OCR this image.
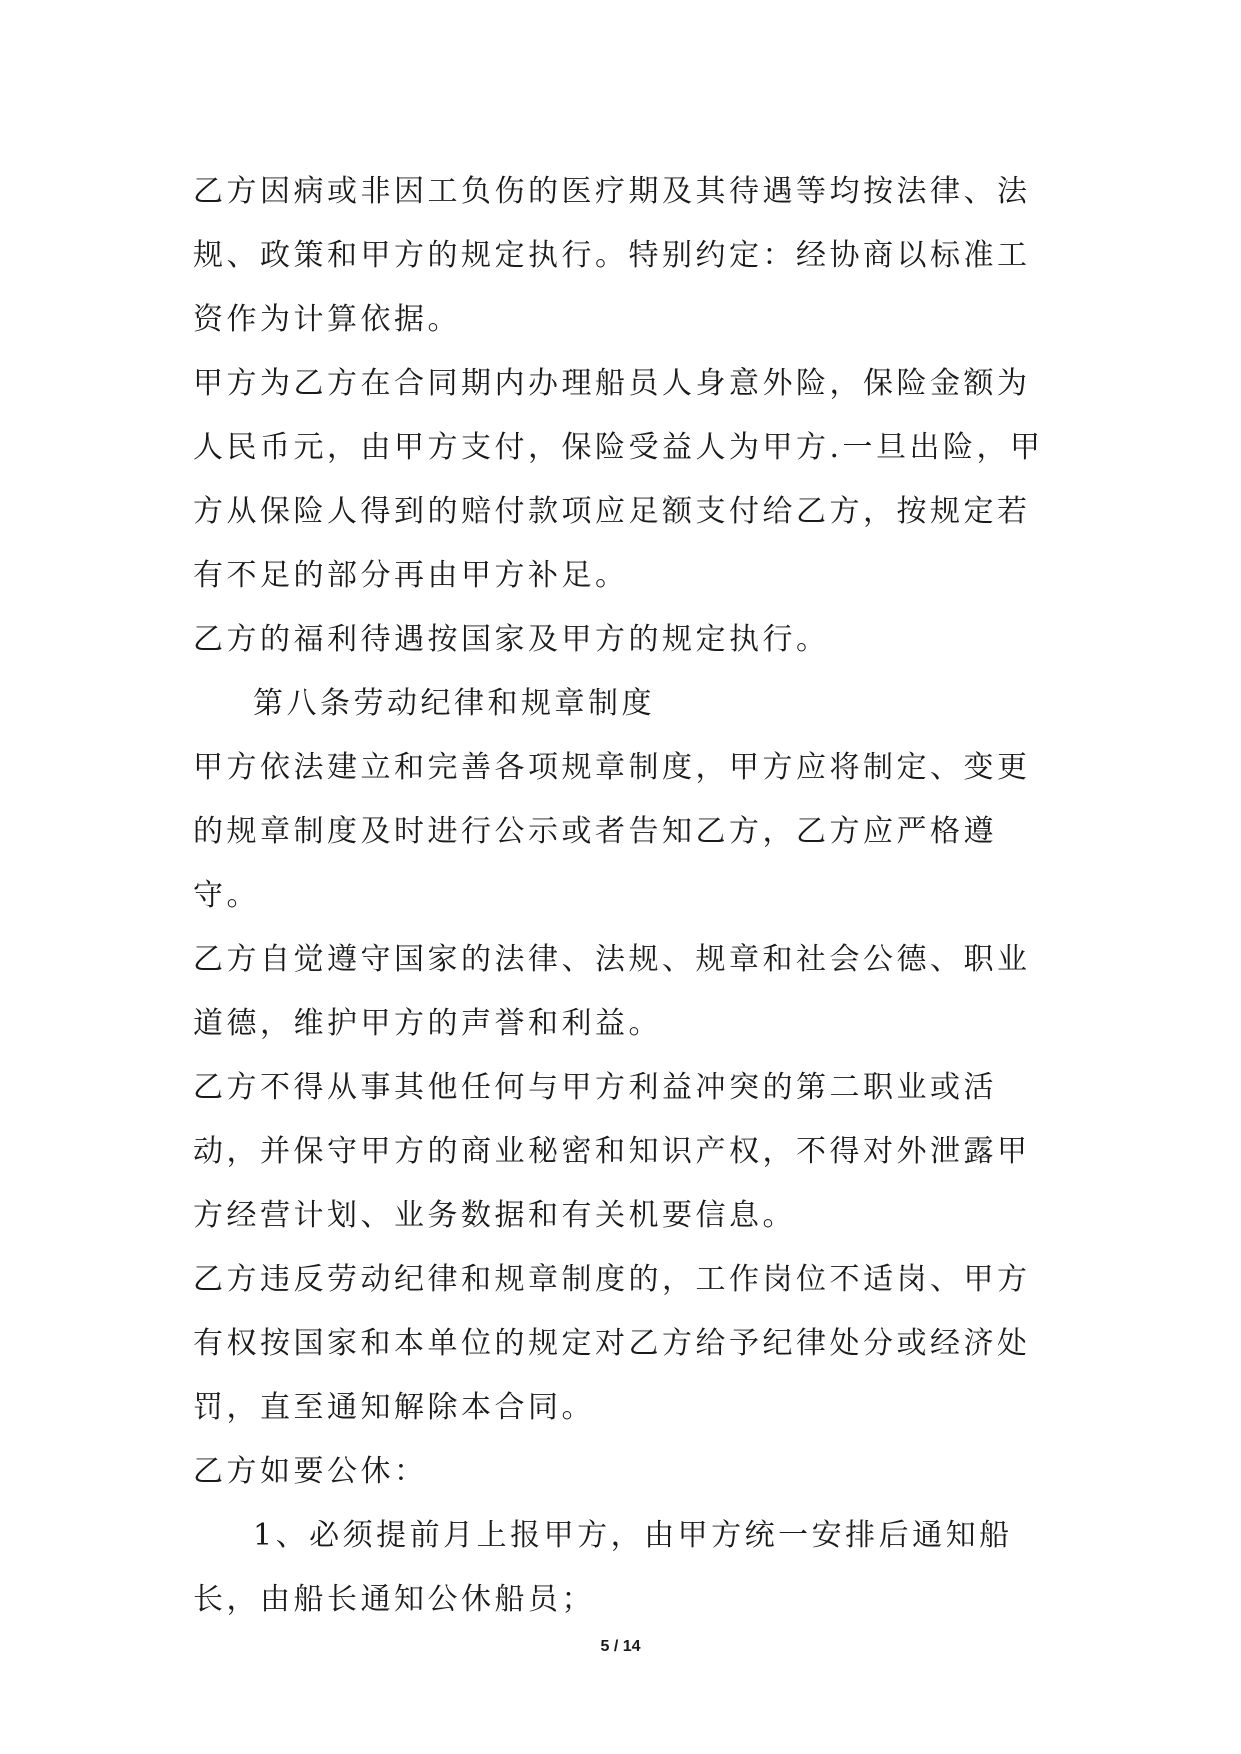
乙方因病或非因工负伤的医疗期及其待遇等均按法律、法规、政策和甲方的规定执行。特别约定：经协商以标准工资作为计算依据。

甲方为乙方在合同期内办理船员人身意外险，保险金额为人民币元，由甲方支付，保险受益人为甲方.一旦出险，甲方从保险人得到的赔付款项应足额支付给乙方，按规定若有不足的部分再由甲方补足。

乙方的福利待遇按国家及甲方的规定执行。

第八条劳动纪律和规章制度

甲方依法建立和完善各项规章制度，甲方应将制定、变更的规章制度及时进行公示或者告知乙方，乙方应严格遵守。

乙方自觉遵守国家的法律、法规、规章和社会公德、职业道德，维护甲方的声誉和利益。

乙方不得从事其他任何与甲方利益冲突的第二职业或活动，并保守甲方的商业秘密和知识产权，不得对外泄露甲方经营计划、业务数据和有关机要信息。

乙方违反劳动纪律和规章制度的，工作岗位不适岗、甲方有权按国家和本单位的规定对乙方给予纪律处分或经济处罚，直至通知解除本合同。

乙方如要公休：

1、必须提前月上报甲方，由甲方统一安排后通知船长，由船长通知公休船员；

5 / 14
